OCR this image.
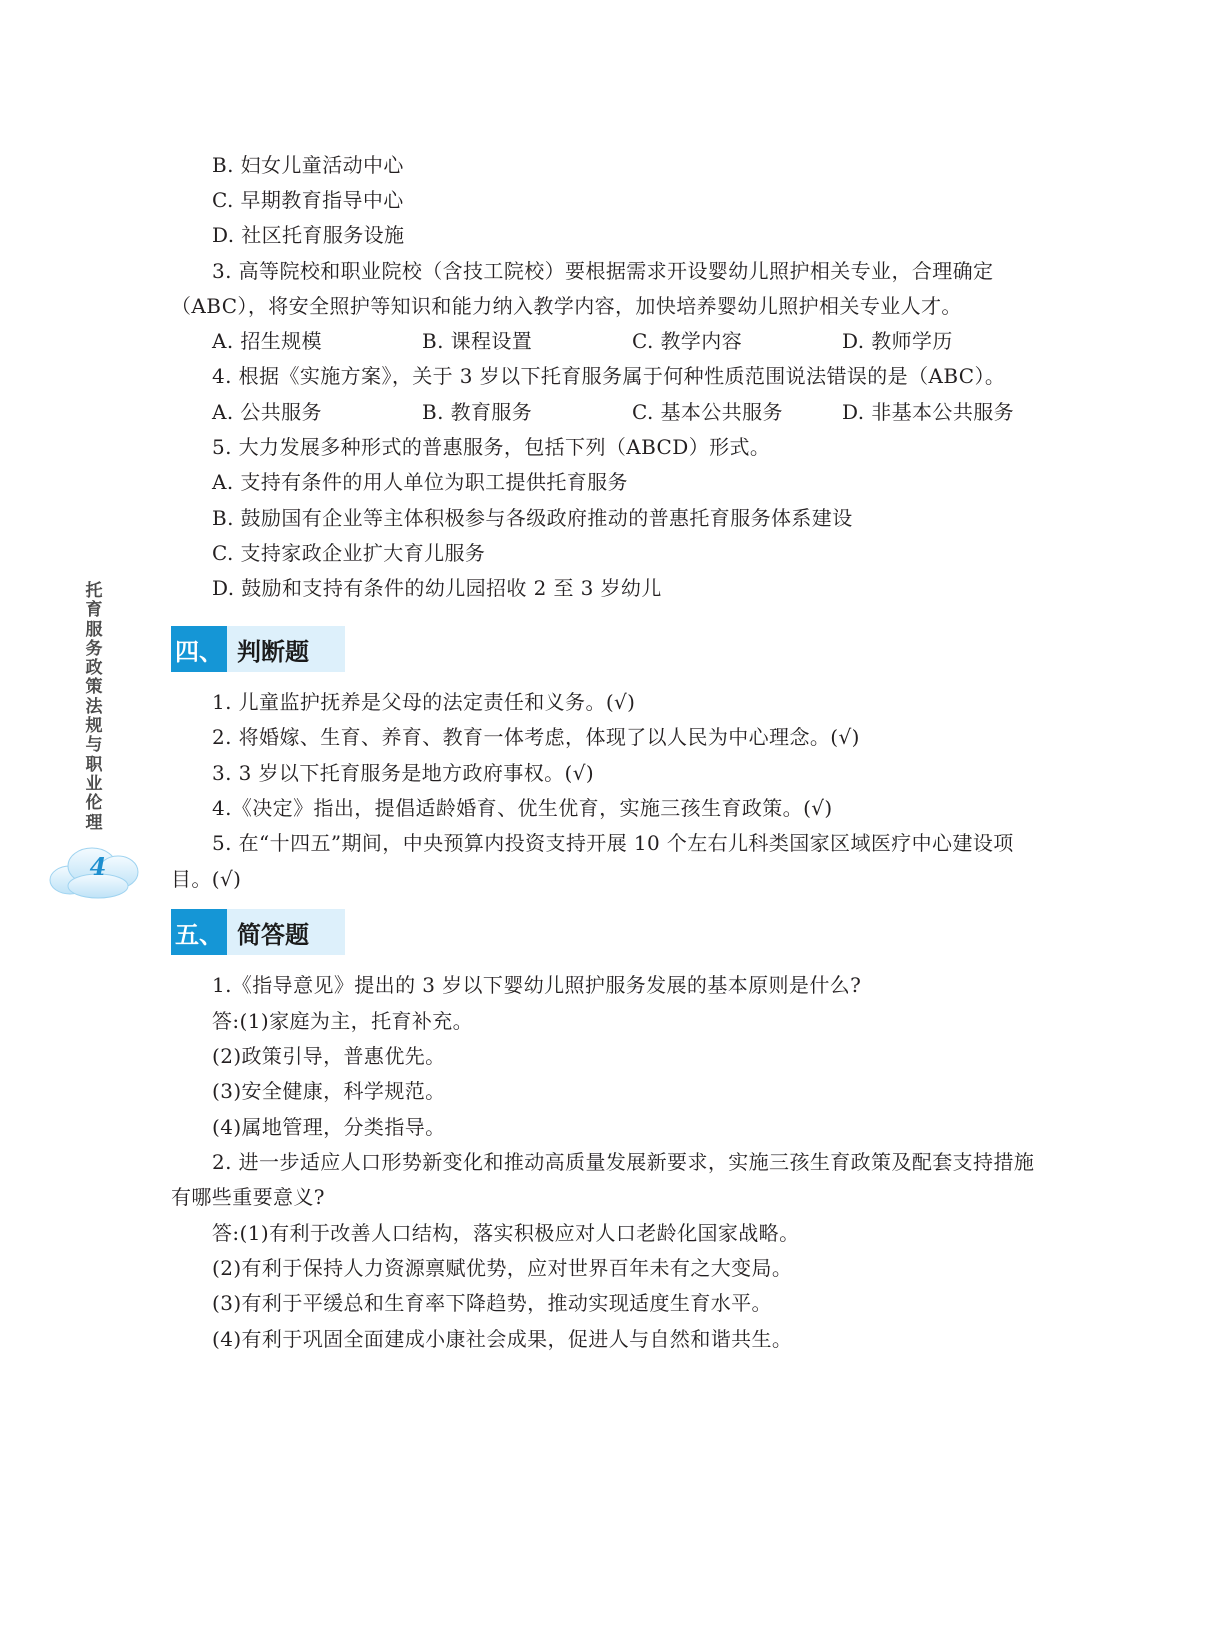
托
育
服
务
政
策
法
规
与
职
业
伦
理
4
B. 妇女儿童活动中心
C. 早期教育指导中心
D. 社区托育服务设施
3. 高等院校和职业院校（含技工院校）要根据需求开设婴幼儿照护相关专业，合理确定
（ABC），将安全照护等知识和能力纳入教学内容，加快培养婴幼儿照护相关专业人才。
A. 招生规模	B. 课程设置	C. 教学内容	D. 教师学历
4. 根据《实施方案》，关于 3 岁以下托育服务属于何种性质范围说法错误的是（ABC）。
A. 公共服务	B. 教育服务	C. 基本公共服务	D. 非基本公共服务
5. 大力发展多种形式的普惠服务，包括下列（ABCD）形式。
A. 支持有条件的用人单位为职工提供托育服务
B. 鼓励国有企业等主体积极参与各级政府推动的普惠托育服务体系建设
C. 支持家政企业扩大育儿服务
D. 鼓励和支持有条件的幼儿园招收 2 至 3 岁幼儿
四、 判断题
1. 儿童监护抚养是父母的法定责任和义务。(√)
2. 将婚嫁、生育、养育、教育一体考虑，体现了以人民为中心理念。(√)
3. 3 岁以下托育服务是地方政府事权。(√)
4.《决定》指出，提倡适龄婚育、优生优育，实施三孩生育政策。(√)
5. 在“十四五”期间，中央预算内投资支持开展 10 个左右儿科类国家区域医疗中心建设项
目。(√)
五、 简答题
1.《指导意见》提出的 3 岁以下婴幼儿照护服务发展的基本原则是什么?
答:(1)家庭为主，托育补充。
(2)政策引导，普惠优先。
(3)安全健康，科学规范。
(4)属地管理，分类指导。
2. 进一步适应人口形势新变化和推动高质量发展新要求，实施三孩生育政策及配套支持措施
有哪些重要意义?
答:(1)有利于改善人口结构，落实积极应对人口老龄化国家战略。
(2)有利于保持人力资源禀赋优势，应对世界百年未有之大变局。
(3)有利于平缓总和生育率下降趋势，推动实现适度生育水平。
(4)有利于巩固全面建成小康社会成果，促进人与自然和谐共生。
